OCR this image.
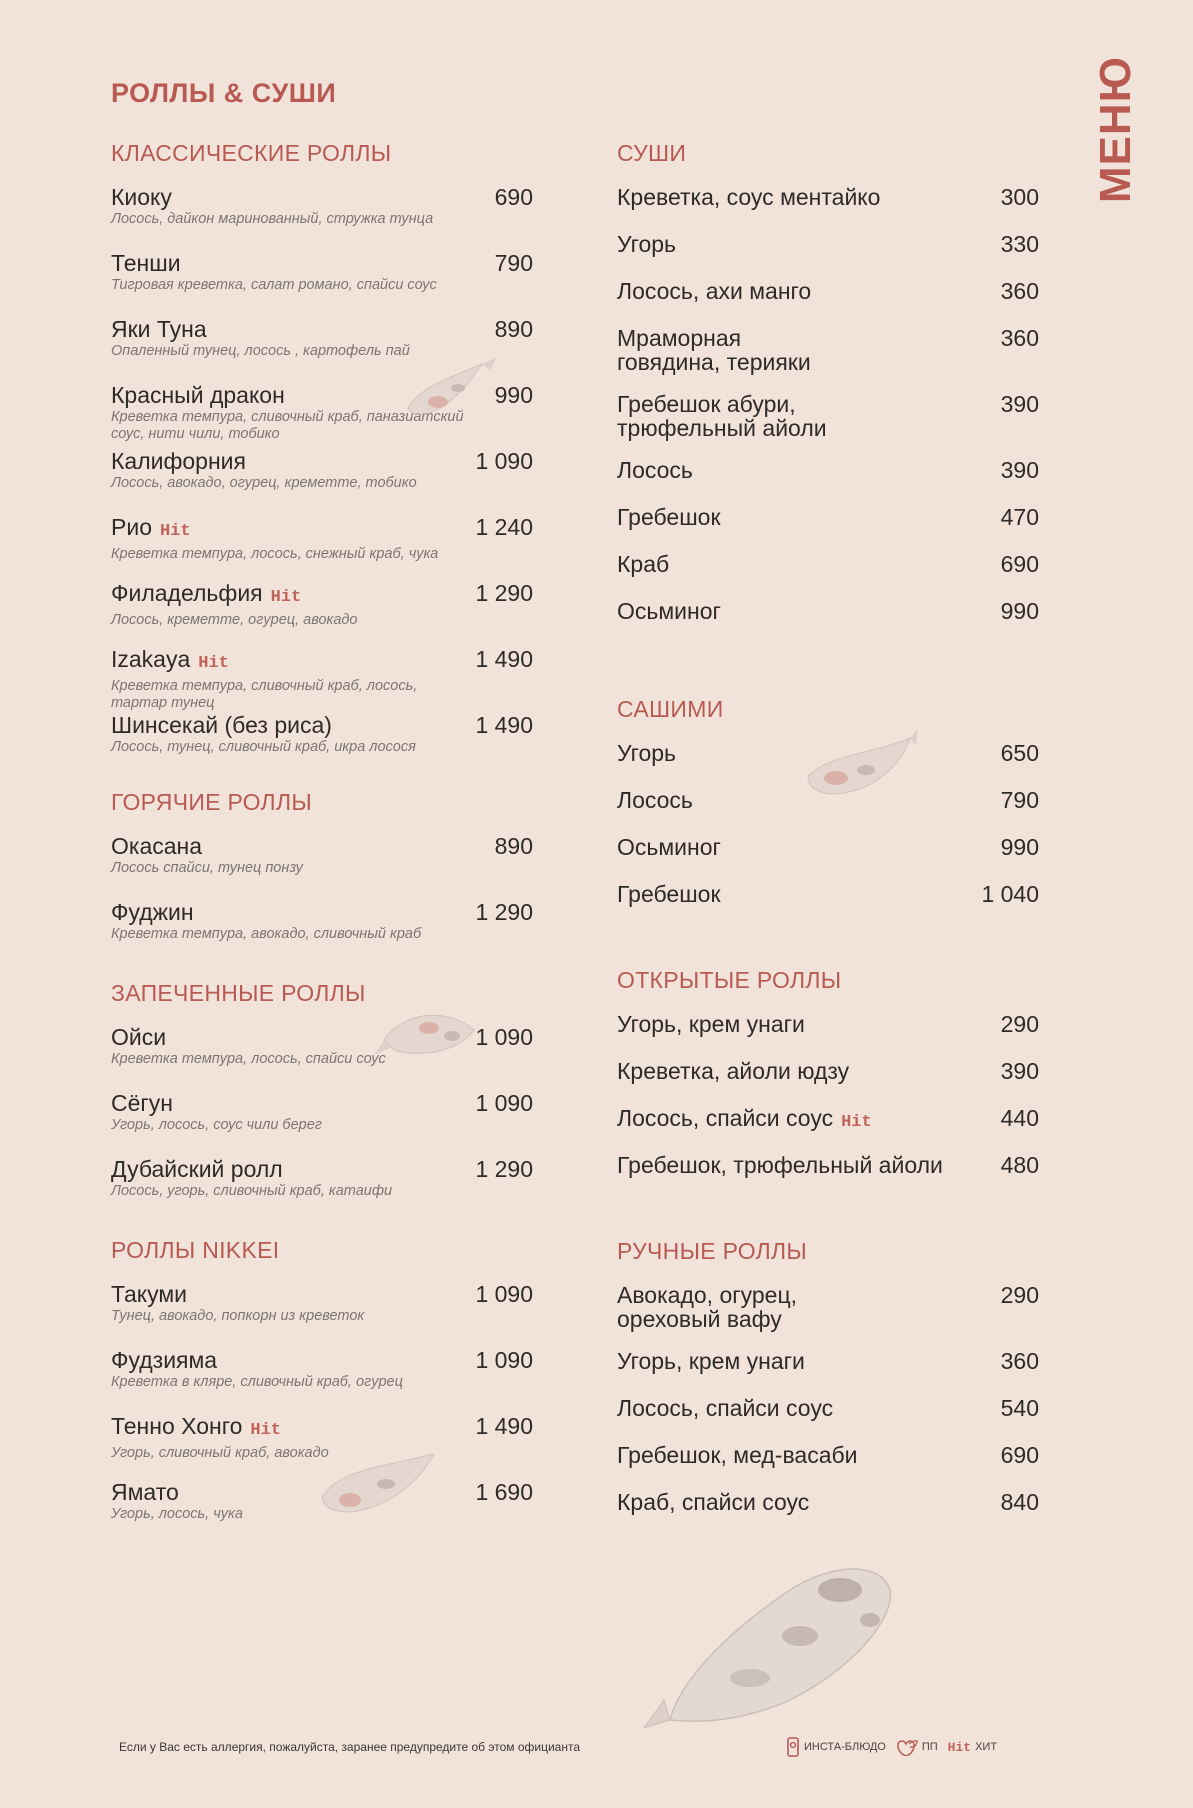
МЕНЮ
РОЛЛЫ & СУШИ
КЛАССИЧЕСКИЕ РОЛЛЫ
Киоку
Лосось, дайкон маринованный, стружка тунца
690
Тенши
Тигровая креветка, салат романо, спайси соус
790
Яки Туна
Опаленный тунец, лосось , картофель пай
890
Красный дракон
Креветка темпура, сливочный краб, паназиатский соус, нити чили, тобико
990
Калифорния
Лосось, авокадо, огурец, креметте, тобико
1 090
Рио Hit
Креветка темпура, лосось, снежный краб, чука
1 240
Филадельфия Hit
Лосось, креметте, огурец, авокадо
1 290
Izakaya Hit
Креветка темпура, сливочный краб, лосось, тартар тунец
1 490
Шинсекай (без риса)
Лосось, тунец, сливочный краб, икра лосося
1 490
ГОРЯЧИЕ РОЛЛЫ
Окасана
Лосось спайси, тунец понзу
890
Фуджин
Креветка темпура, авокадо, сливочный краб
1 290
ЗАПЕЧЕННЫЕ РОЛЛЫ
Ойси
Креветка темпура, лосось, спайси соус
1 090
Сёгун
Угорь, лосось, соус чили берег
1 090
Дубайский ролл
Лосось, угорь, сливочный краб, катаифи
1 290
РОЛЛЫ NIKKEI
Такуми
Тунец, авокадо, попкорн из креветок
1 090
Фудзияма
Креветка в кляре, сливочный краб, огурец
1 090
Тенно Хонго Hit
Угорь, сливочный краб, авокадо
1 490
Ямато
Угорь, лосось, чука
1 690
СУШИ
Креветка, соус ментайко	300
Угорь	330
Лосось, ахи манго	360
Мраморная говядина, терияки
360
Гребешок абури, трюфельный айоли
390
Лосось	390
Гребешок	470
Краб	690
Осьминог	990
САШИМИ
Угорь	650
Лосось	790
Осьминог	990
Гребешок	1 040
ОТКРЫТЫЕ РОЛЛЫ
Угорь, крем унаги	290
Креветка, айоли юдзу	390
Лосось, спайси соус Hit	440
Гребешок, трюфельный айоли	480
РУЧНЫЕ РОЛЛЫ
Авокадо, огурец, ореховый вафу
290
Угорь, крем унаги	360
Лосось, спайси соус	540
Гребешок, мед-васаби	690
Краб, спайси соус	840
Если у Вас есть аллергия, пожалуйста, заранее предупредите об этом официанта	ИНСТА-БЛЮДО	ПП Hit ХИТ
